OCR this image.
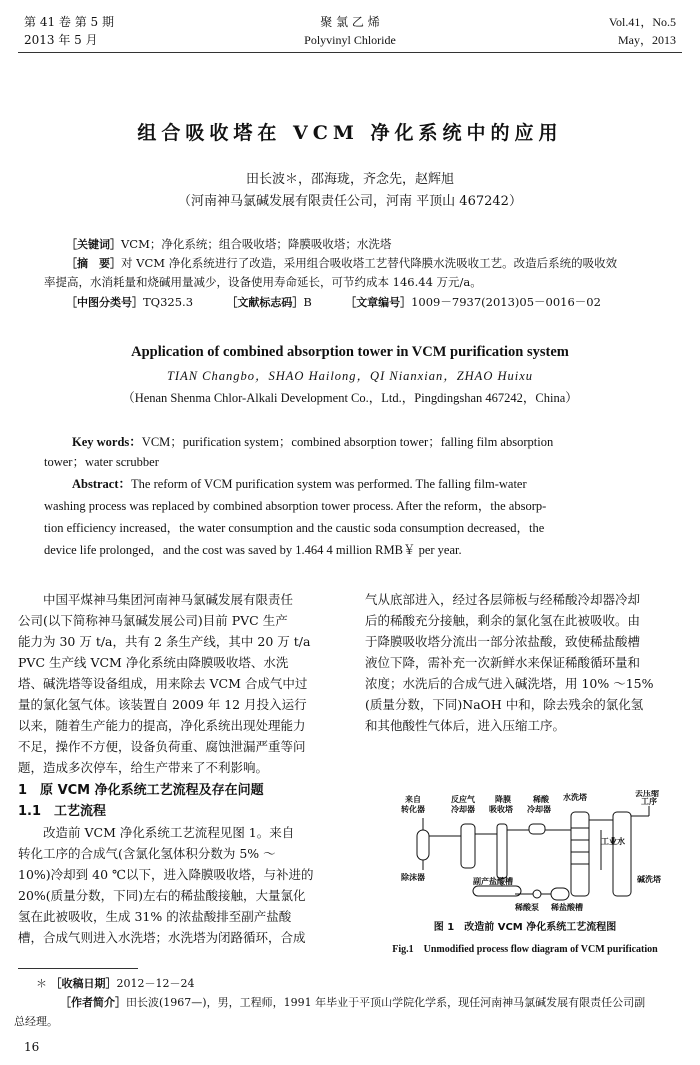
第 41 卷 第 5 期
2013 年 5 月
聚 氯 乙 烯
Polyvinyl Chloride
Vol.41，No.5
May，2013
组合吸收塔在 VCM 净化系统中的应用
田长波＊，邵海珑，齐念先，赵辉旭
（河南神马氯碱发展有限责任公司，河南 平顶山 467242）
［关键词］VCM；净化系统；组合吸收塔；降膜吸收塔；水洗塔
［摘　要］对 VCM 净化系统进行了改造，采用组合吸收塔工艺替代降膜水洗吸收工艺。改造后系统的吸收效
率提高，水消耗量和烧碱用量减少，设备使用寿命延长，可节约成本 146.44 万元/a。
［中图分类号］TQ325.3	［文献标志码］B	［文章编号］1009－7937(2013)05－0016－02
Application of combined absorption tower in VCM purification system
TIAN Changbo，SHAO Hailong，QI Nianxian，ZHAO Huixu
（Henan Shenma Chlor-Alkali Development Co.，Ltd.，Pingdingshan 467242，China）
Key words：VCM；purification system；combined absorption tower；falling film absorption
tower；water scrubber
Abstract：The reform of VCM purification system was performed. The falling film-water
washing process was replaced by combined absorption tower process. After the reform，the absorp-
tion efficiency increased，the water consumption and the caustic soda consumption decreased，the
device life prolonged，and the cost was saved by 1.464 4 million RMB￥ per year.
中国平煤神马集团河南神马氯碱发展有限责任
公司(以下简称神马氯碱发展公司)目前 PVC 生产
能力为 30 万 t/a，共有 2 条生产线，其中 20 万 t/a
PVC 生产线 VCM 净化系统由降膜吸收塔、水洗
塔、碱洗塔等设备组成，用来除去 VCM 合成气中过
量的氯化氢气体。该装置自 2009 年 12 月投入运行
以来，随着生产能力的提高，净化系统出现处理能力
不足，操作不方便，设备负荷重、腐蚀泄漏严重等问
题，造成多次停车，给生产带来了不利影响。
1　原 VCM 净化系统工艺流程及存在问题
1.1　工艺流程
改造前 VCM 净化系统工艺流程见图 1。来自
转化工序的合成气(含氯化氢体积分数为 5% ～
10%)冷却到 40 ℃以下，进入降膜吸收塔，与补进的
20%(质量分数，下同)左右的稀盐酸接触，大量氯化
氢在此被吸收，生成 31% 的浓盐酸排至副产盐酸
槽，合成气则进入水洗塔；水洗塔为闭路循环，合成
气从底部进入，经过各层筛板与经稀酸冷却器冷却
后的稀酸充分接触，剩余的氯化氢在此被吸收。由
于降膜吸收塔分流出一部分浓盐酸，致使稀盐酸槽
液位下降，需补充一次新鲜水来保证稀酸循环量和
浓度；水洗后的合成气进入碱洗塔，用 10% ～15%
(质量分数，下同)NaOH 中和，除去残余的氯化氢
和其他酸性气体后，进入压缩工序。
来自
转化器
反应气
冷却器
降膜
吸收塔
稀酸
冷却器
水洗塔	去压缩
工序
除沫器
工业水
碱洗塔
副产盐酸槽
稀酸泵 稀盐酸槽
图 1　改造前 VCM 净化系统工艺流程图
Fig.1　Unmodified process flow diagram of VCM purification
＊ ［收稿日期］2012－12－24
［作者简介］田长波(1967—)，男，工程师，1991 年毕业于平顶山学院化学系，现任河南神马氯碱发展有限责任公司副
总经理。
16
